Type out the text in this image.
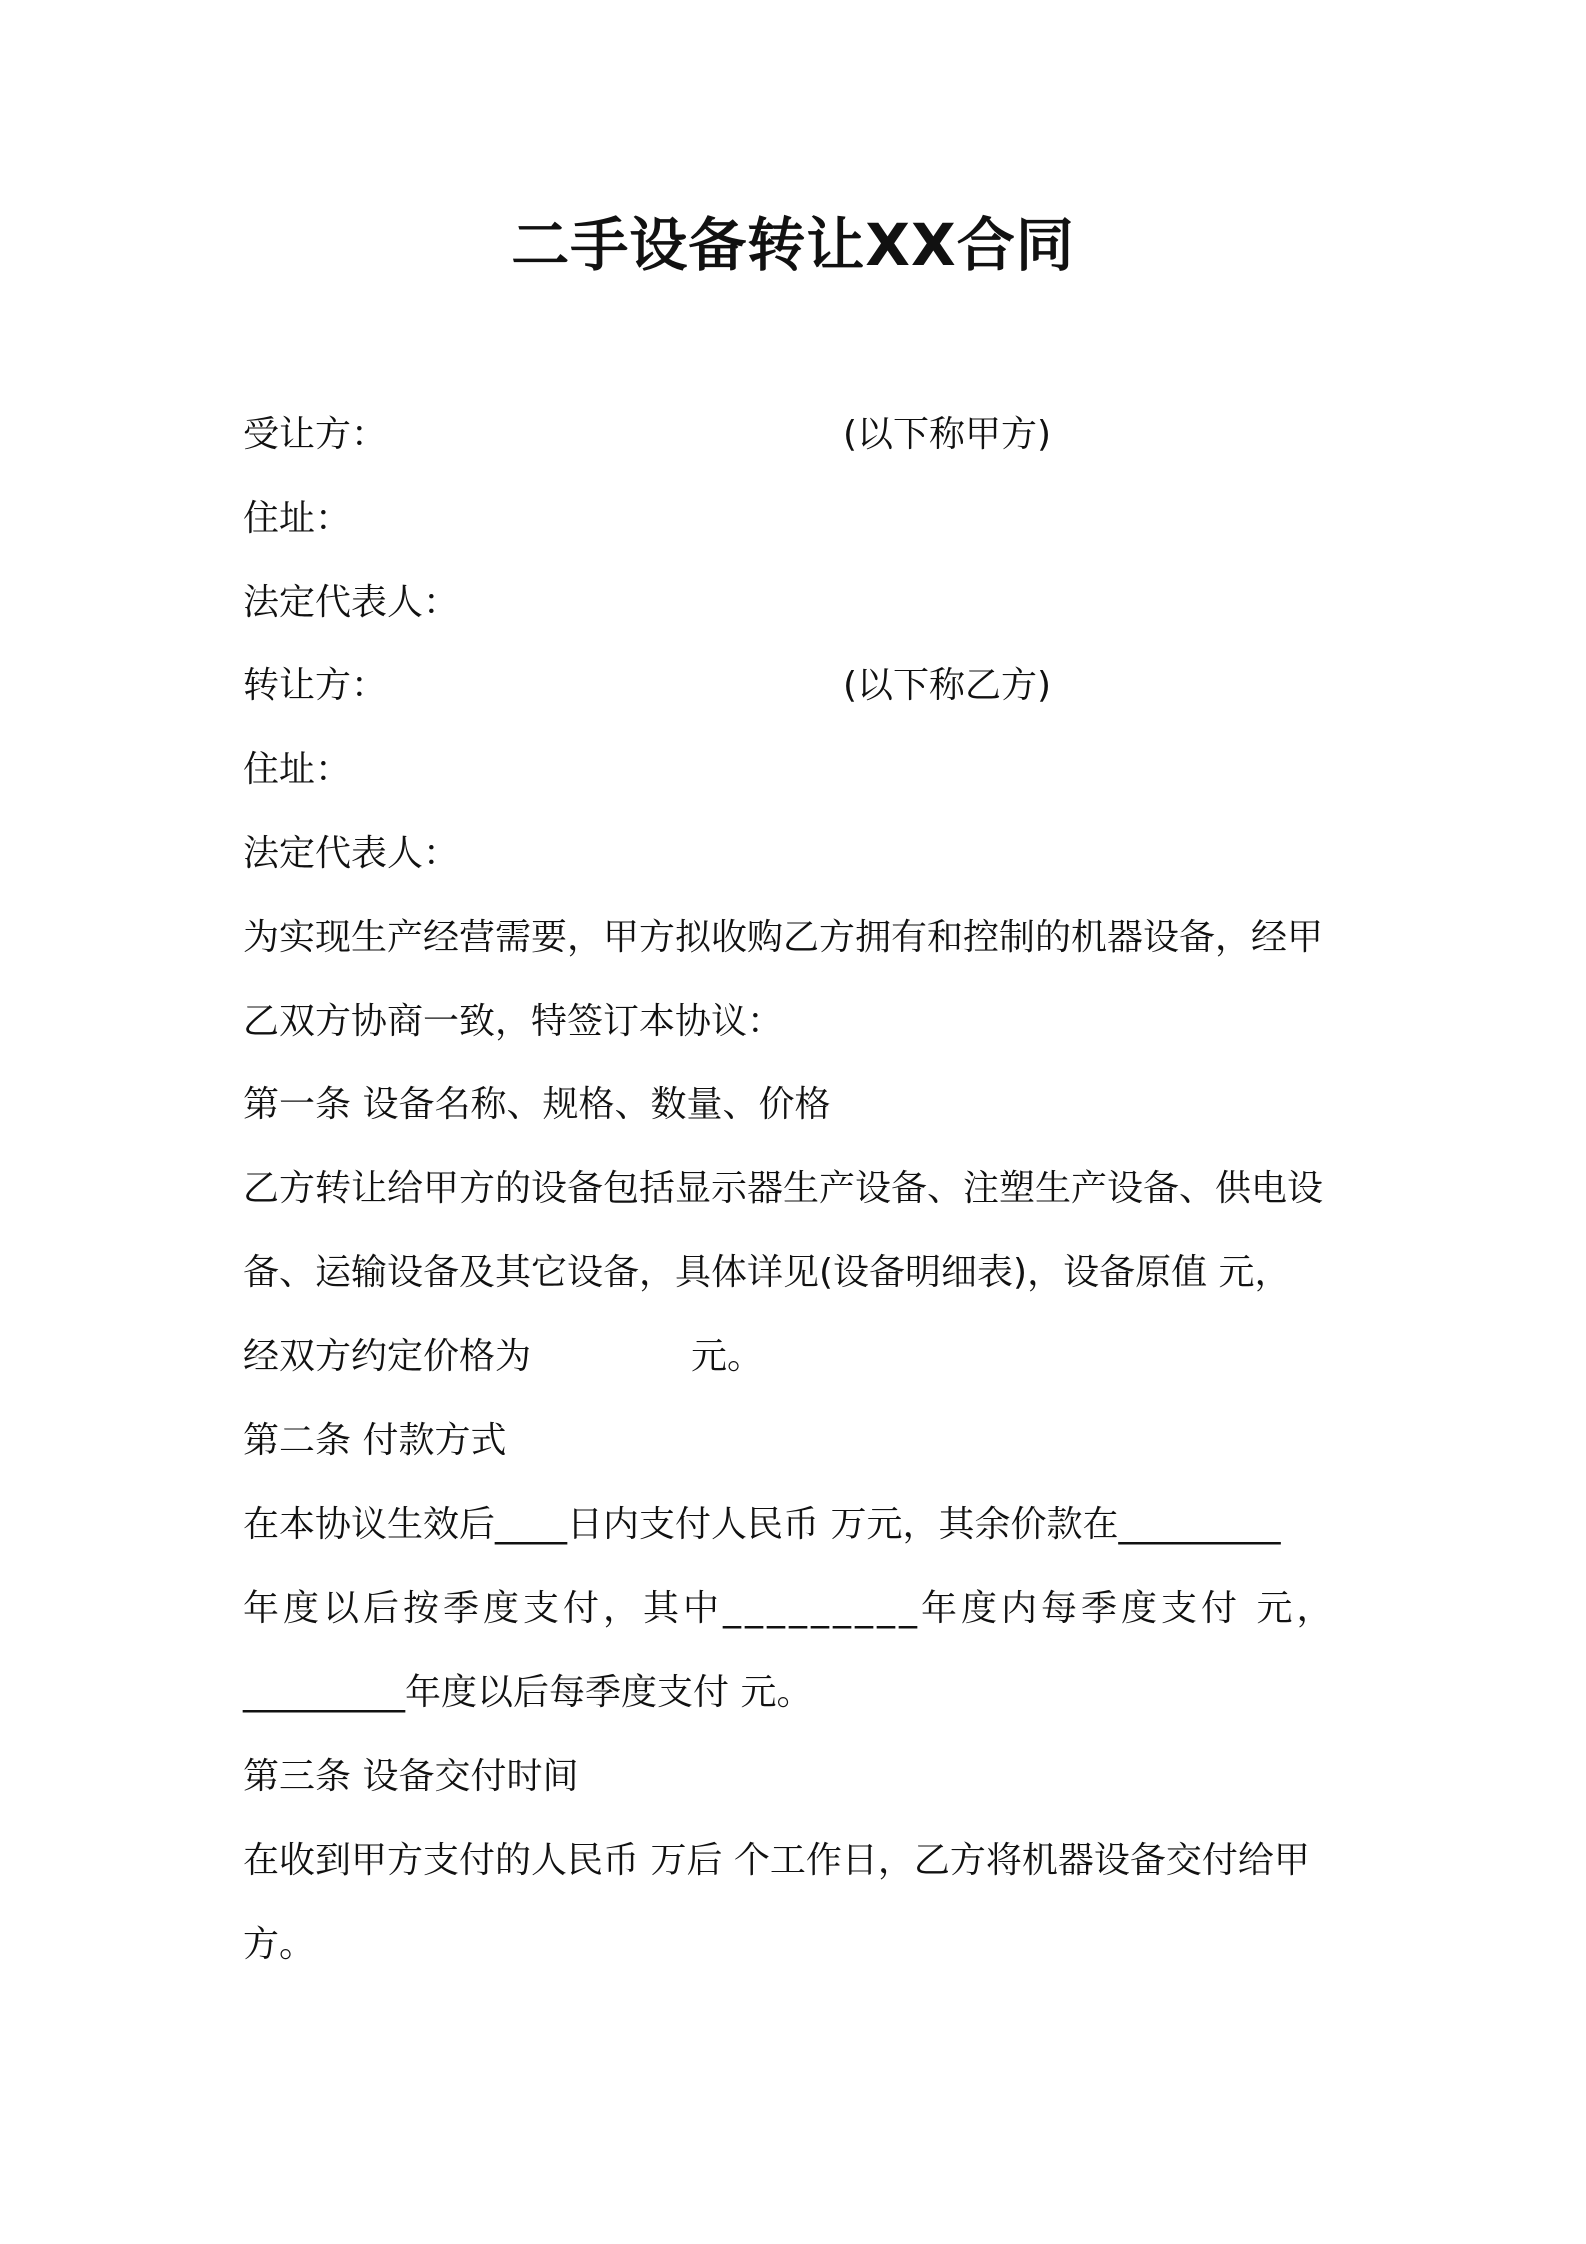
二手设备转让XX合同
受让方：	(以下称甲方)
住址：
法定代表人：
转让方：	(以下称乙方)
住址：
法定代表人：
为实现生产经营需要，甲方拟收购乙方拥有和控制的机器设备，经甲
乙双方协商一致，特签订本协议：
第一条 设备名称、规格、数量、价格
乙方转让给甲方的设备包括显示器生产设备、注塑生产设备、供电设
备、运输设备及其它设备，具体详见(设备明细表)，设备原值 元，
经双方约定价格为	元。
第二条 付款方式
在本协议生效后____日内支付人民币 万元，其余价款在_________
年度以后按季度支付，其中_________年度内每季度支付 元，
_________年度以后每季度支付 元。
第三条 设备交付时间
在收到甲方支付的人民币 万后 个工作日，乙方将机器设备交付给甲
方。
